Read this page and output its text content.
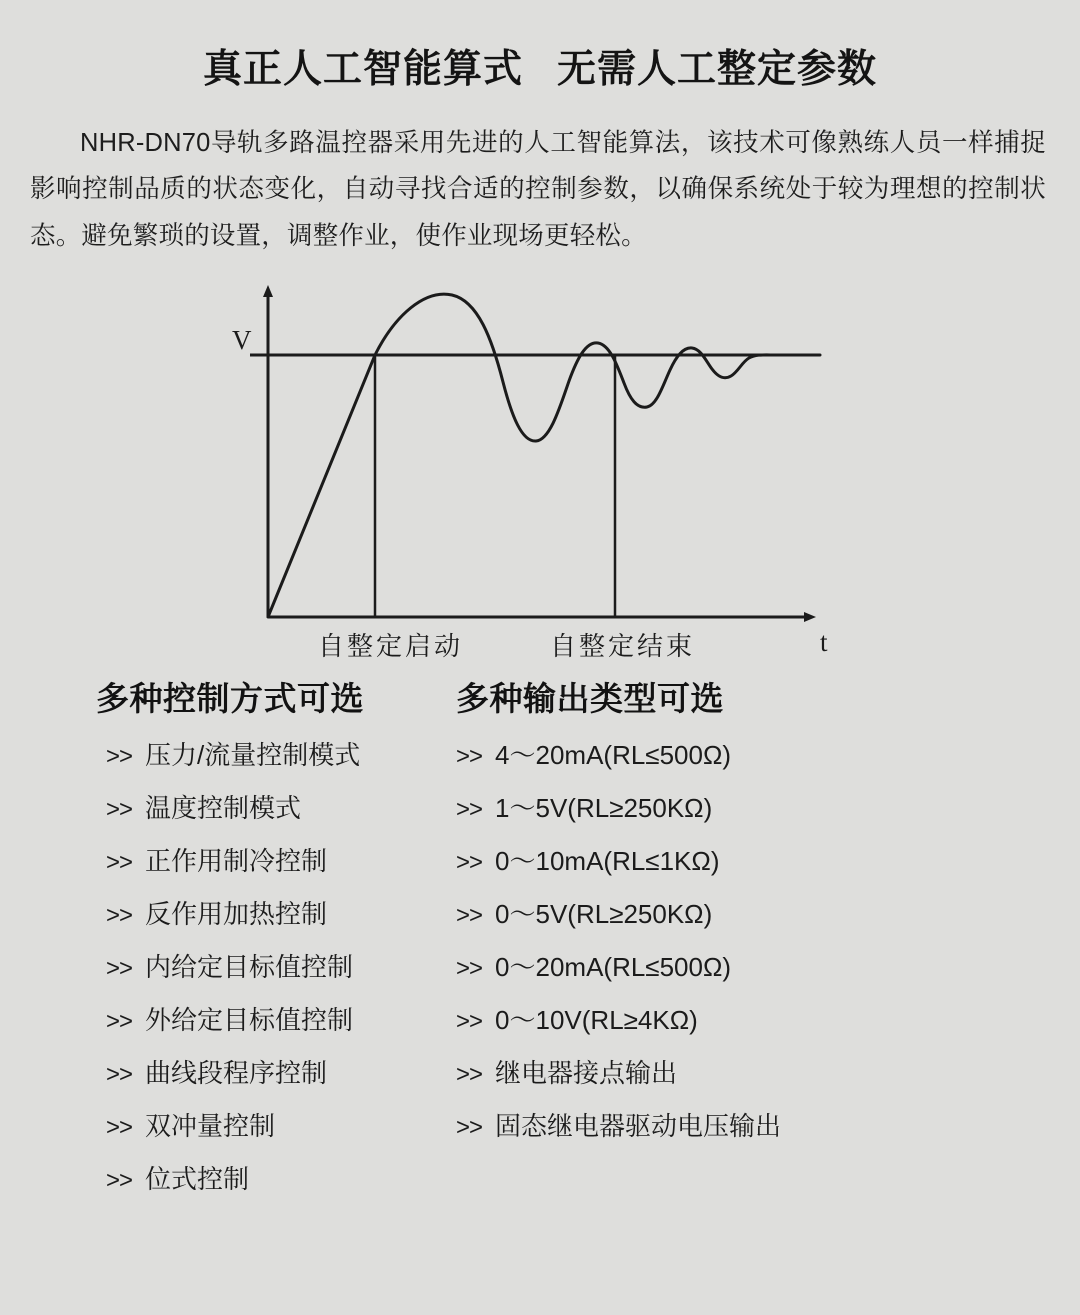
真正人工智能算式 无需人工整定参数

NHR-DN70导轨多路温控器采用先进的人工智能算法，该技术可像熟练人员一样捕捉影响控制品质的状态变化，自动寻找合适的控制参数，以确保系统处于较为理想的控制状态。避免繁琐的设置，调整作业，使作业现场更轻松。

V
t
自整定启动	自整定结束
多种控制方式可选
>> 压力/流量控制模式
>> 温度控制模式
>> 正作用制冷控制
>> 反作用加热控制
>> 内给定目标值控制
>> 外给定目标值控制
>> 曲线段程序控制
>> 双冲量控制
>> 位式控制
多种输出类型可选
>> 4～20mA(RL≤500Ω)
>> 1～5V(RL≥250KΩ)
>> 0～10mA(RL≤1KΩ)
>> 0～5V(RL≥250KΩ)
>> 0～20mA(RL≤500Ω)
>> 0～10V(RL≥4KΩ)
>> 继电器接点输出
>> 固态继电器驱动电压输出
